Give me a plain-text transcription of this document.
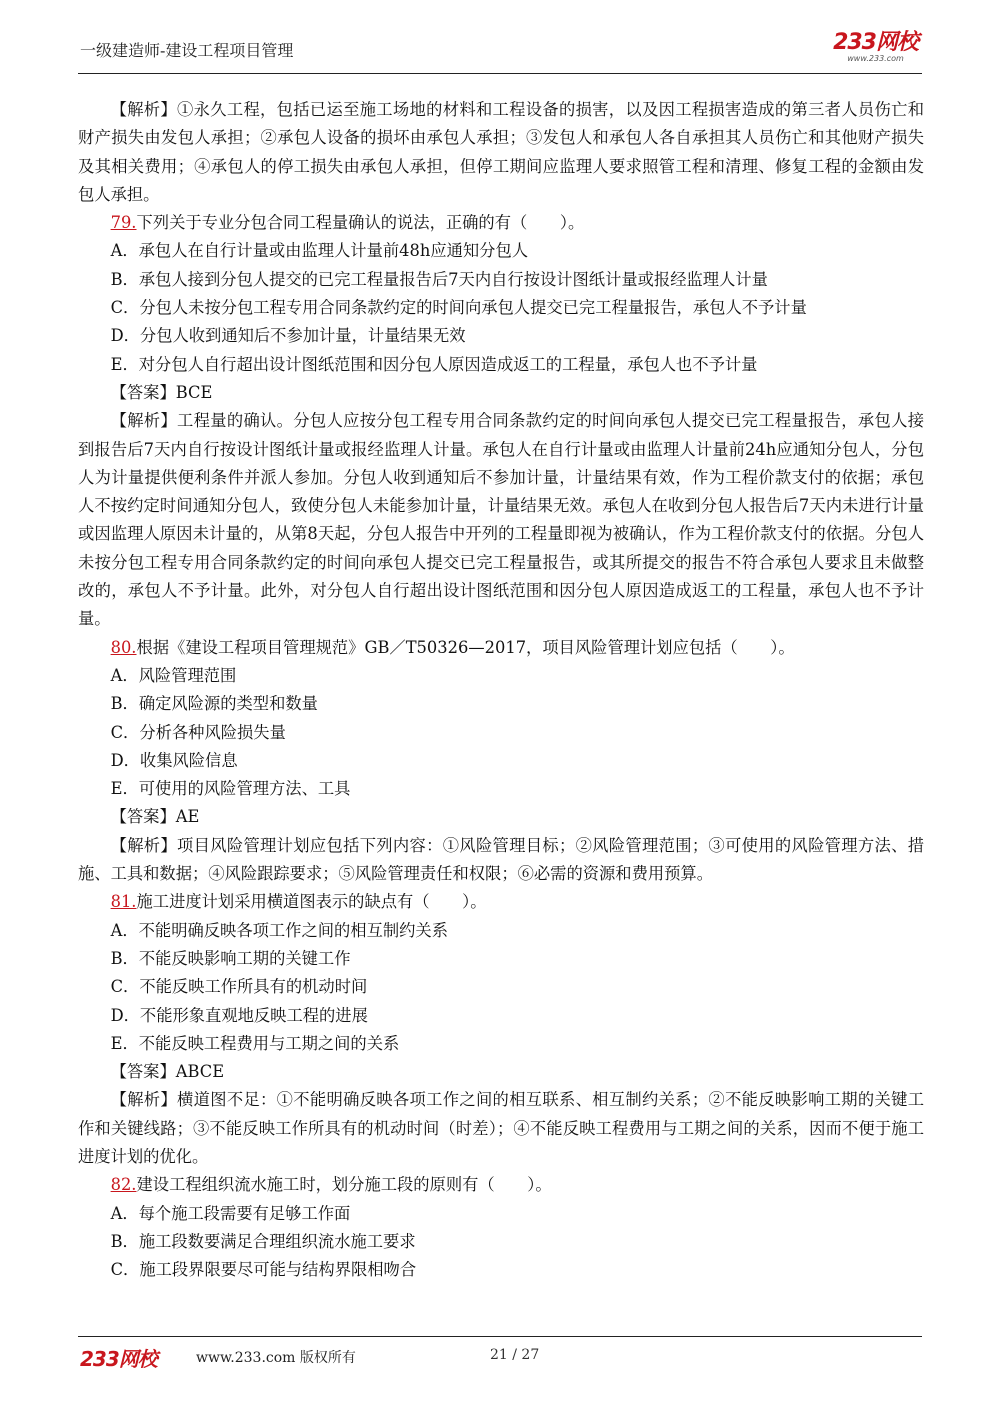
一级建造师-建设工程项目管理	233网校
www.233.com

【解析】①永久工程，包括已运至施工场地的材料和工程设备的损害，以及因工程损害造成的第三者人员伤亡和财产损失由发包人承担；②承包人设备的损坏由承包人承担；③发包人和承包人各自承担其人员伤亡和其他财产损失及其相关费用；④承包人的停工损失由承包人承担，但停工期间应监理人要求照管工程和清理、修复工程的金额由发包人承担。

79.下列关于专业分包合同工程量确认的说法，正确的有（　　）。

A．承包人在自行计量或由监理人计量前48h应通知分包人

B．承包人接到分包人提交的已完工程量报告后7天内自行按设计图纸计量或报经监理人计量

C．分包人未按分包工程专用合同条款约定的时间向承包人提交已完工程量报告，承包人不予计量

D．分包人收到通知后不参加计量，计量结果无效

E．对分包人自行超出设计图纸范围和因分包人原因造成返工的工程量，承包人也不予计量

【答案】BCE

【解析】工程量的确认。分包人应按分包工程专用合同条款约定的时间向承包人提交已完工程量报告，承包人接到报告后7天内自行按设计图纸计量或报经监理人计量。承包人在自行计量或由监理人计量前24h应通知分包人，分包人为计量提供便利条件并派人参加。分包人收到通知后不参加计量，计量结果有效，作为工程价款支付的依据；承包人不按约定时间通知分包人，致使分包人未能参加计量，计量结果无效。承包人在收到分包人报告后7天内未进行计量或因监理人原因未计量的，从第8天起，分包人报告中开列的工程量即视为被确认，作为工程价款支付的依据。分包人未按分包工程专用合同条款约定的时间向承包人提交已完工程量报告，或其所提交的报告不符合承包人要求且未做整改的，承包人不予计量。此外，对分包人自行超出设计图纸范围和因分包人原因造成返工的工程量，承包人也不予计量。

80.根据《建设工程项目管理规范》GB／T50326—2017，项目风险管理计划应包括（　　）。

A．风险管理范围

B．确定风险源的类型和数量

C．分析各种风险损失量

D．收集风险信息

E．可使用的风险管理方法、工具

【答案】AE

【解析】项目风险管理计划应包括下列内容：①风险管理目标；②风险管理范围；③可使用的风险管理方法、措施、工具和数据；④风险跟踪要求；⑤风险管理责任和权限；⑥必需的资源和费用预算。

81.施工进度计划采用横道图表示的缺点有（　　）。

A．不能明确反映各项工作之间的相互制约关系

B．不能反映影响工期的关键工作

C．不能反映工作所具有的机动时间

D．不能形象直观地反映工程的进展

E．不能反映工程费用与工期之间的关系

【答案】ABCE

【解析】横道图不足：①不能明确反映各项工作之间的相互联系、相互制约关系；②不能反映影响工期的关键工作和关键线路；③不能反映工作所具有的机动时间（时差）；④不能反映工程费用与工期之间的关系，因而不便于施工进度计划的优化。

82.建设工程组织流水施工时，划分施工段的原则有（　　）。

A．每个施工段需要有足够工作面

B．施工段数要满足合理组织流水施工要求

C．施工段界限要尽可能与结构界限相吻合

233网校	www.233.com 版权所有	21 / 27
